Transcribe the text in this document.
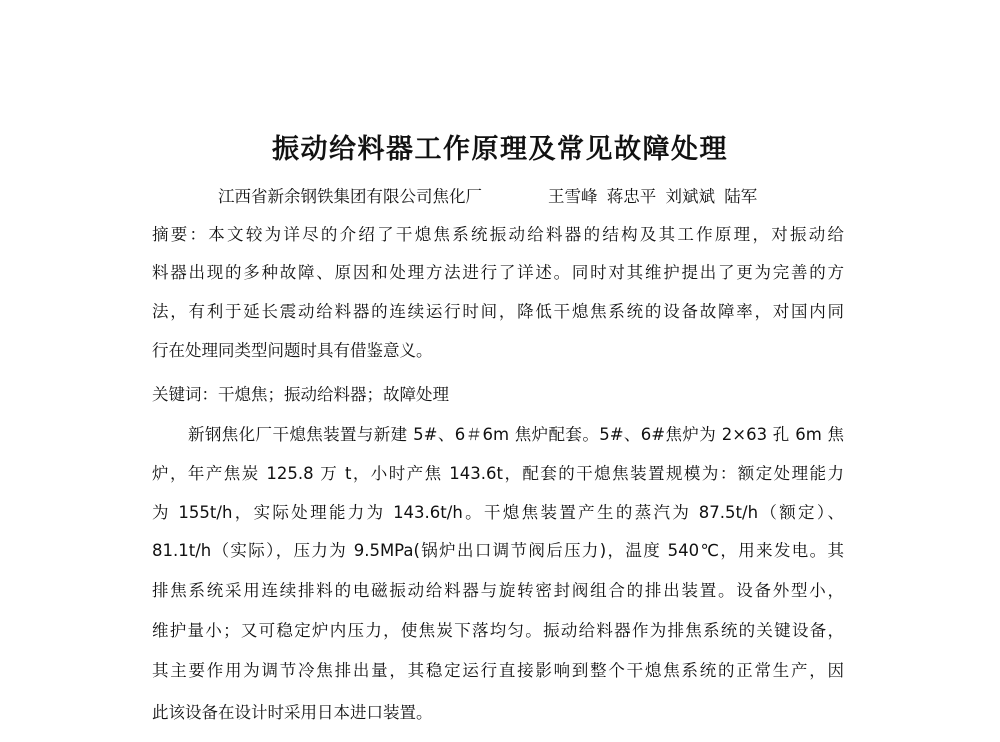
振动给料器工作原理及常见故障处理
江西省新余钢铁集团有限公司焦化厂	王雪峰 蒋忠平 刘斌斌 陆军
摘要：本文较为详尽的介绍了干熄焦系统振动给料器的结构及其工作原理，对振动给
料器出现的多种故障、原因和处理方法进行了详述。同时对其维护提出了更为完善的方
法，有利于延长震动给料器的连续运行时间，降低干熄焦系统的设备故障率，对国内同
行在处理同类型问题时具有借鉴意义。
关键词：干熄焦；振动给料器；故障处理
新钢焦化厂干熄焦装置与新建 5#、6＃6m 焦炉配套。5#、6#焦炉为 2×63 孔 6m 焦
炉，年产焦炭 125.8 万 t，小时产焦 143.6t，配套的干熄焦装置规模为：额定处理能力
为 155t/h，实际处理能力为 143.6t/h。干熄焦装置产生的蒸汽为 87.5t/h（额定）、
81.1t/h（实际），压力为 9.5MPa(锅炉出口调节阀后压力)，温度 540℃，用来发电。其
排焦系统采用连续排料的电磁振动给料器与旋转密封阀组合的排出装置。设备外型小，
维护量小；又可稳定炉内压力，使焦炭下落均匀。振动给料器作为排焦系统的关键设备，
其主要作用为调节冷焦排出量，其稳定运行直接影响到整个干熄焦系统的正常生产，因
此该设备在设计时采用日本进口装置。
